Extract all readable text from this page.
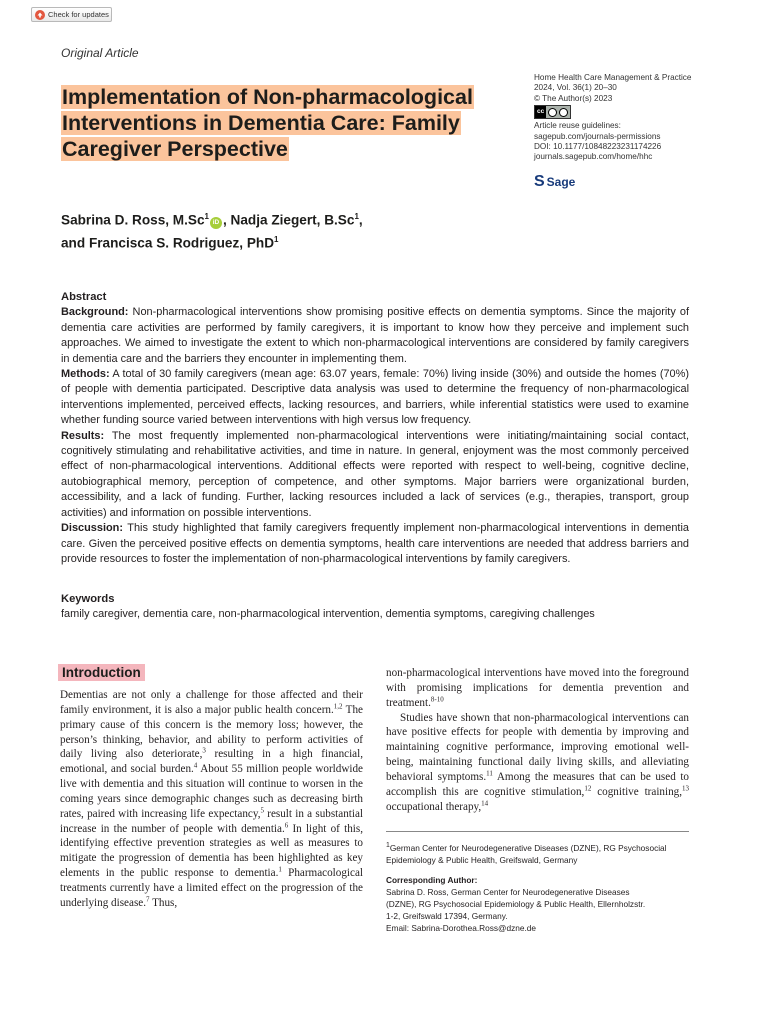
Check for updates
Original Article
Implementation of Non-pharmacological
Interventions in Dementia Care: Family
Caregiver Perspective
Home Health Care Management & Practice
2024, Vol. 36(1) 20–30
© The Author(s) 2023
cc
Article reuse guidelines:
sagepub.com/journals-permissions
DOI: 10.1177/10848223231174226
journals.sagepub.com/home/hhc
S Sage
Sabrina D. Ross, M.Sc$^1$iD , Nadja Ziegert, B.Sc$^1$,
and Francisca S. Rodriguez, PhD$^1$
Abstract

Background: Non-pharmacological interventions show promising positive effects on dementia symptoms. Since the majority of dementia care activities are performed by family caregivers, it is important to know how they perceive and implement such approaches. We aimed to investigate the extent to which non-pharmacological interventions are considered by family caregivers in dementia care and the barriers they encounter in implementing them.

Methods: A total of 30 family caregivers (mean age: 63.07 years, female: 70%) living inside (30%) and outside the homes (70%) of people with dementia participated. Descriptive data analysis was used to determine the frequency of non-pharmacological interventions implemented, perceived effects, lacking resources, and barriers, while inferential statistics were used to examine whether funding source varied between interventions with high versus low frequency.

Results: The most frequently implemented non-pharmacological interventions were initiating/maintaining social contact, cognitively stimulating and rehabilitative activities, and time in nature. In general, enjoyment was the most commonly perceived effect of non-pharmacological interventions. Additional effects were reported with respect to well-being, cognitive decline, autobiographical memory, perception of competence, and other symptoms. Major barriers were organizational burden, accessibility, and a lack of funding. Further, lacking resources included a lack of services (e.g., therapies, transport, group activities) and information on possible interventions.

Discussion: This study highlighted that family caregivers frequently implement non-pharmacological interventions in dementia care. Given the perceived positive effects on dementia symptoms, health care interventions are needed that address barriers and provide resources to foster the implementation of non-pharmacological interventions by family caregivers.

Keywords

family caregiver, dementia care, non-pharmacological intervention, dementia symptoms, caregiving challenges

Introduction

Dementias are not only a challenge for those affected and their family environment, it is also a major public health concern.$^{1,2}$ The primary cause of this concern is the memory loss; however, the person’s thinking, behavior, and ability to perform activities of daily living also deteriorate,$^3$ resulting in a high financial, emotional, and social burden.$^4$ About 55 million people worldwide live with dementia and this situation will continue to worsen in the coming years since demographic changes such as decreasing birth rates, paired with increasing life expectancy,$^5$ result in a substantial increase in the number of people with dementia.$^6$ In light of this, identifying effective prevention strategies as well as measures to mitigate the progression of dementia has been highlighted as key elements in the public response to dementia.$^1$ Pharmacological treatments currently have a limited effect on the progression of the underlying disease.$^7$ Thus,

non-pharmacological interventions have moved into the foreground with promising implications for dementia prevention and treatment.$^{8-10}$

Studies have shown that non-pharmacological interventions can have positive effects for people with dementia by improving and maintaining cognitive performance, improving emotional well-being, maintaining functional daily living skills, and alleviating behavioral symptoms.$^{11}$ Among the measures that can be used to accomplish this are cognitive stimulation,$^{12}$ cognitive training,$^{13}$ occupational therapy,$^{14}$

$^1$German Center for Neurodegenerative Diseases (DZNE), RG Psychosocial Epidemiology & Public Health, Greifswald, Germany

Corresponding Author:
Sabrina D. Ross, German Center for Neurodegenerative Diseases
(DZNE), RG Psychosocial Epidemiology & Public Health, Ellernholzstr.
1-2, Greifswald 17394, Germany.
Email: Sabrina-Dorothea.Ross@dzne.de
